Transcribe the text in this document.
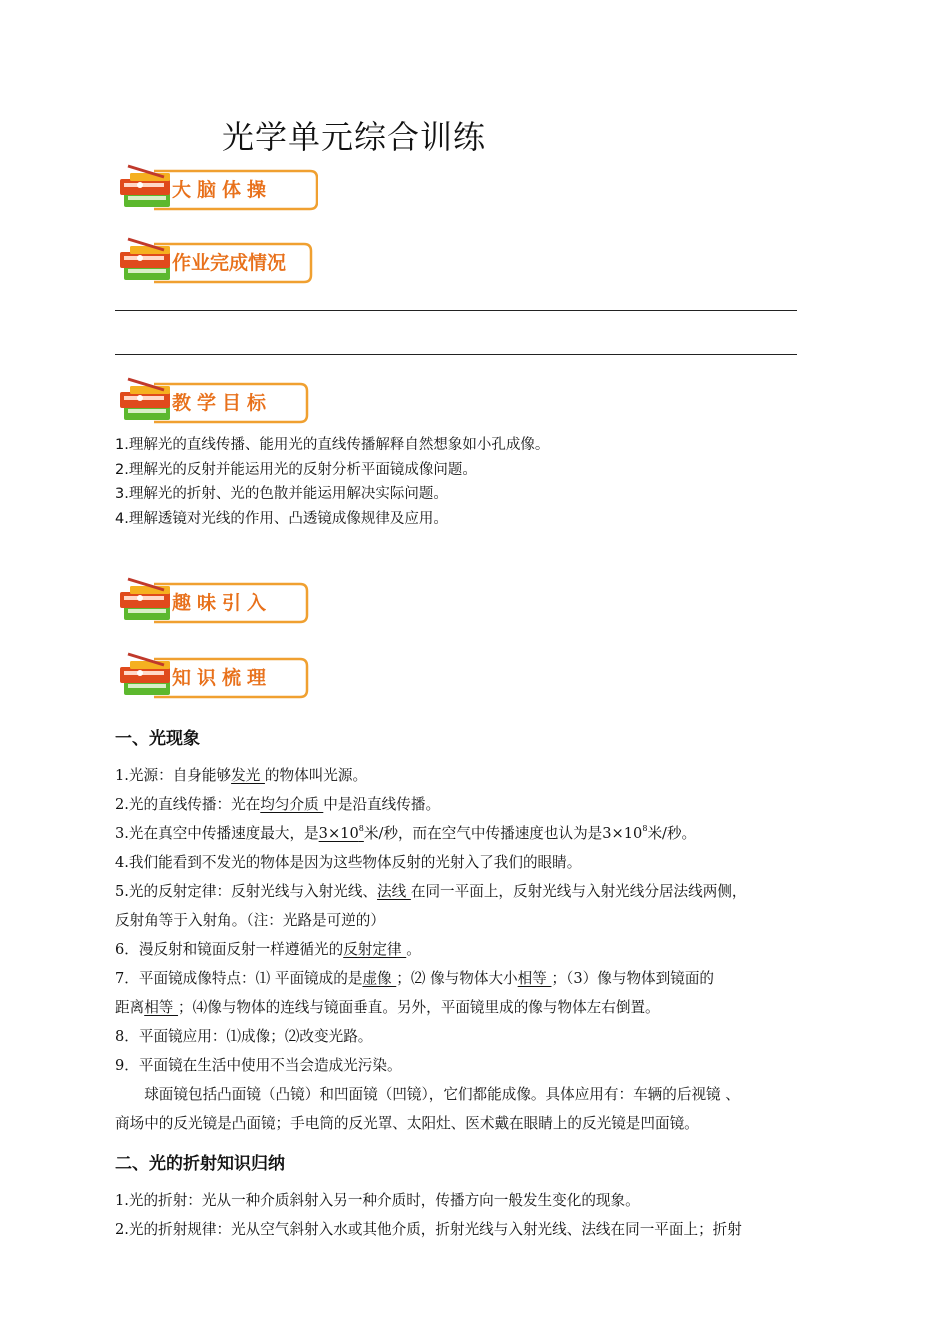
光学单元综合训练
大脑体操
作业完成情况
教学目标
1.理解光的直线传播、能用光的直线传播解释自然想象如小孔成像。
2.理解光的反射并能运用光的反射分析平面镜成像问题。
3.理解光的折射、光的色散并能运用解决实际问题。
4.理解透镜对光线的作用、凸透镜成像规律及应用。
趣味引入
知识梳理
一、光现象
1.光源：自身能够发光 的物体叫光源。
2.光的直线传播：光在均匀介质 中是沿直线传播。
3.光在真空中传播速度最大，是$3\times 10^8$米/秒，而在空气中传播速度也认为是$3\times 10^8$米/秒。
4.我们能看到不发光的物体是因为这些物体反射的光射入了我们的眼睛。
5.光的反射定律：反射光线与入射光线、法线 在同一平面上，反射光线与入射光线分居法线两侧，
反射角等于入射角。（注：光路是可逆的）
6．漫反射和镜面反射一样遵循光的反射定律 。
7．平面镜成像特点：⑴ 平面镜成的是虚像 ；⑵ 像与物体大小相等 ；（3）像与物体到镜面的
距离相等 ；⑷像与物体的连线与镜面垂直。另外，平面镜里成的像与物体左右倒置。
8．平面镜应用：⑴成像；⑵改变光路。
9．平面镜在生活中使用不当会造成光污染。
　　球面镜包括凸面镜（凸镜）和凹面镜（凹镜），它们都能成像。具体应用有：车辆的后视镜 、
商场中的反光镜是凸面镜；手电筒的反光罩、太阳灶、医术戴在眼睛上的反光镜是凹面镜。
二、光的折射知识归纳
1.光的折射：光从一种介质斜射入另一种介质时，传播方向一般发生变化的现象。
2.光的折射规律：光从空气斜射入水或其他介质，折射光线与入射光线、法线在同一平面上；折射
